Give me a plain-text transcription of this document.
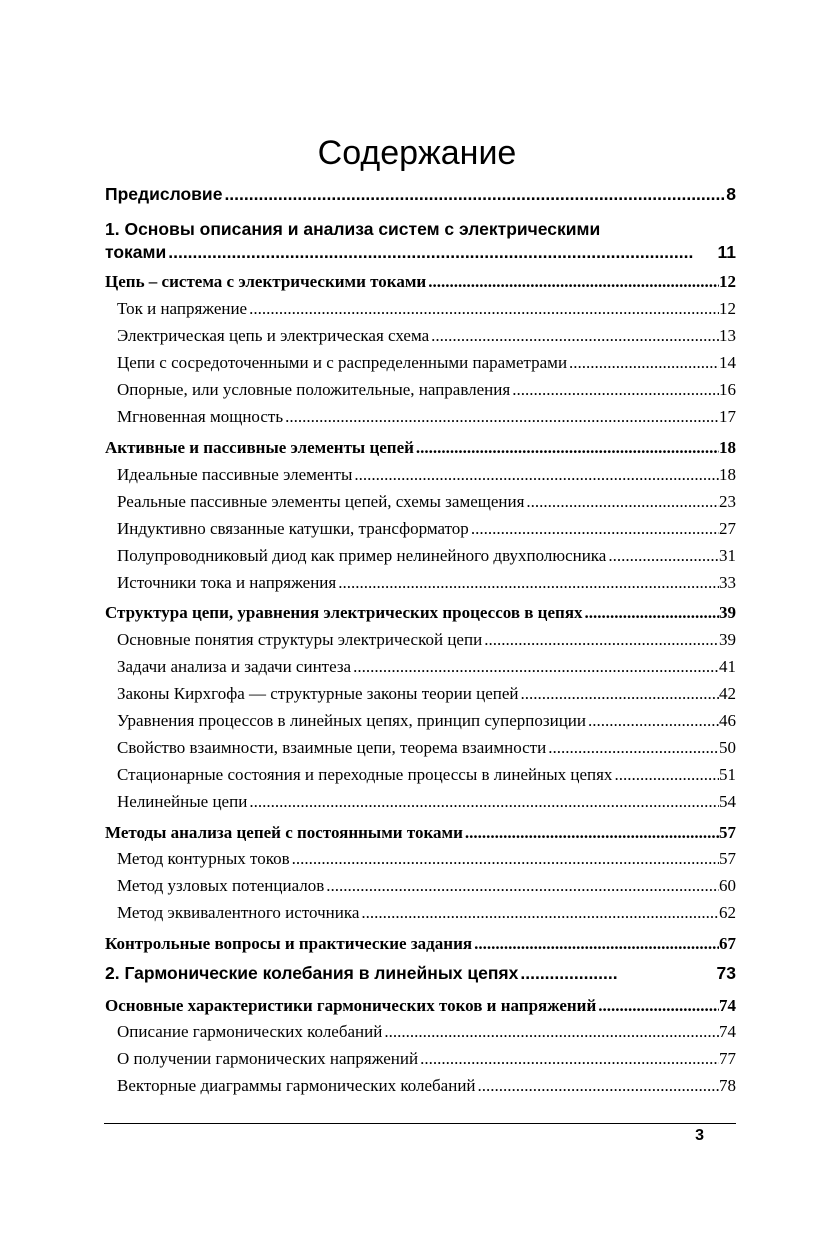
Содержание
Предисловие .....	8
1. Основы описания и анализа систем с электрическими
токами .....	11
Цепь – система с электрическими токами .....	12
Ток и напряжение .....	12
Электрическая цепь и электрическая схема .....	13
Цепи с сосредоточенными и с распределенными параметрами .....	14
Опорные, или условные положительные, направления .....	16
Мгновенная мощность .....	17
Активные и пассивные элементы цепей .....	18
Идеальные пассивные элементы .....	18
Реальные пассивные элементы цепей, схемы замещения .....	23
Индуктивно связанные катушки, трансформатор .....	27
Полупроводниковый диод как пример нелинейного двухполюсника .....	31
Источники тока и напряжения .....	33
Структура цепи, уравнения электрических процессов в цепях .....	39
Основные понятия структуры электрической цепи .....	39
Задачи анализа и задачи синтеза .....	41
Законы Кирхгофа — структурные законы теории цепей .....	42
Уравнения процессов в линейных цепях, принцип суперпозиции .....	46
Свойство взаимности, взаимные цепи, теорема взаимности .....	50
Стационарные состояния и переходные процессы в линейных цепях .....	51
Нелинейные цепи .....	54
Методы анализа цепей с постоянными токами .....	57
Метод контурных токов .....	57
Метод узловых потенциалов .....	60
Метод эквивалентного источника .....	62
Контрольные вопросы и практические задания .....	67
2. Гармонические колебания в линейных цепях .....	73
Основные характеристики гармонических токов и напряжений .....	74
Описание гармонических колебаний .....	74
О получении гармонических напряжений .....	77
Векторные диаграммы гармонических колебаний .....	78
3
